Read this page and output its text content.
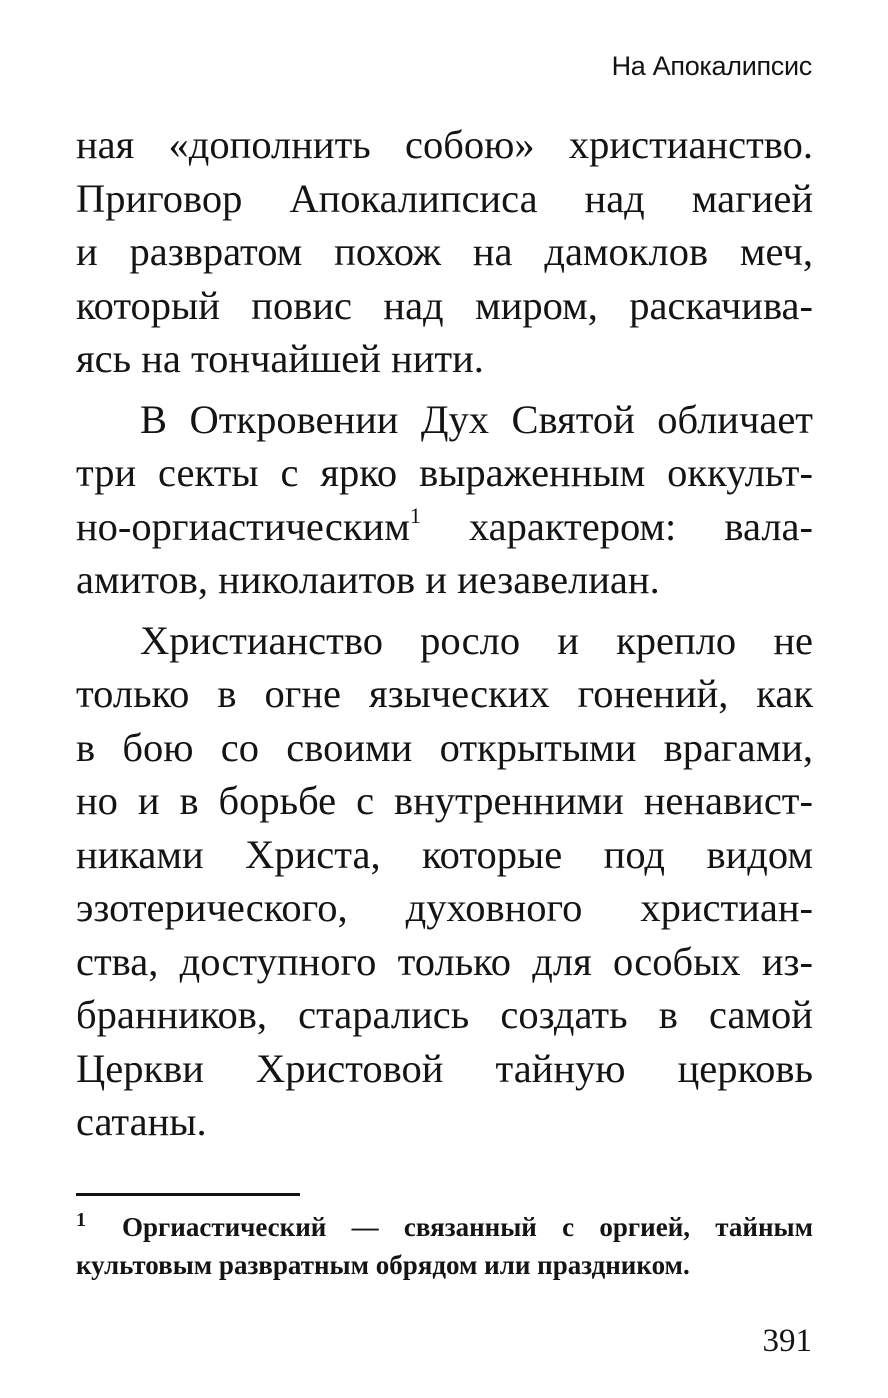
На Апокалипсис

ная «дополнить собою» христианство.
Приговор Апокалипсиса над магией
и развратом похож на дамоклов меч,
который повис над миром, раскачива-
ясь на тончайшей нити.

В Откровении Дух Святой обличает
три секты с ярко выраженным оккульт-
но-оргиастическим$^1$ характером: вала-
амитов, николаитов и иезавелиан.

Христианство росло и крепло не
только в огне языческих гонений, как
в бою со своими открытыми врагами,
но и в борьбе с внутренними ненавист-
никами Христа, которые под видом
эзотерического, духовного христиан-
ства, доступного только для особых из-
бранников, старались создать в самой
Церкви Христовой тайную церковь
сатаны.

1 Оргиастический — связанный с оргией, тайным
культовым развратным обрядом или праздником.
391
